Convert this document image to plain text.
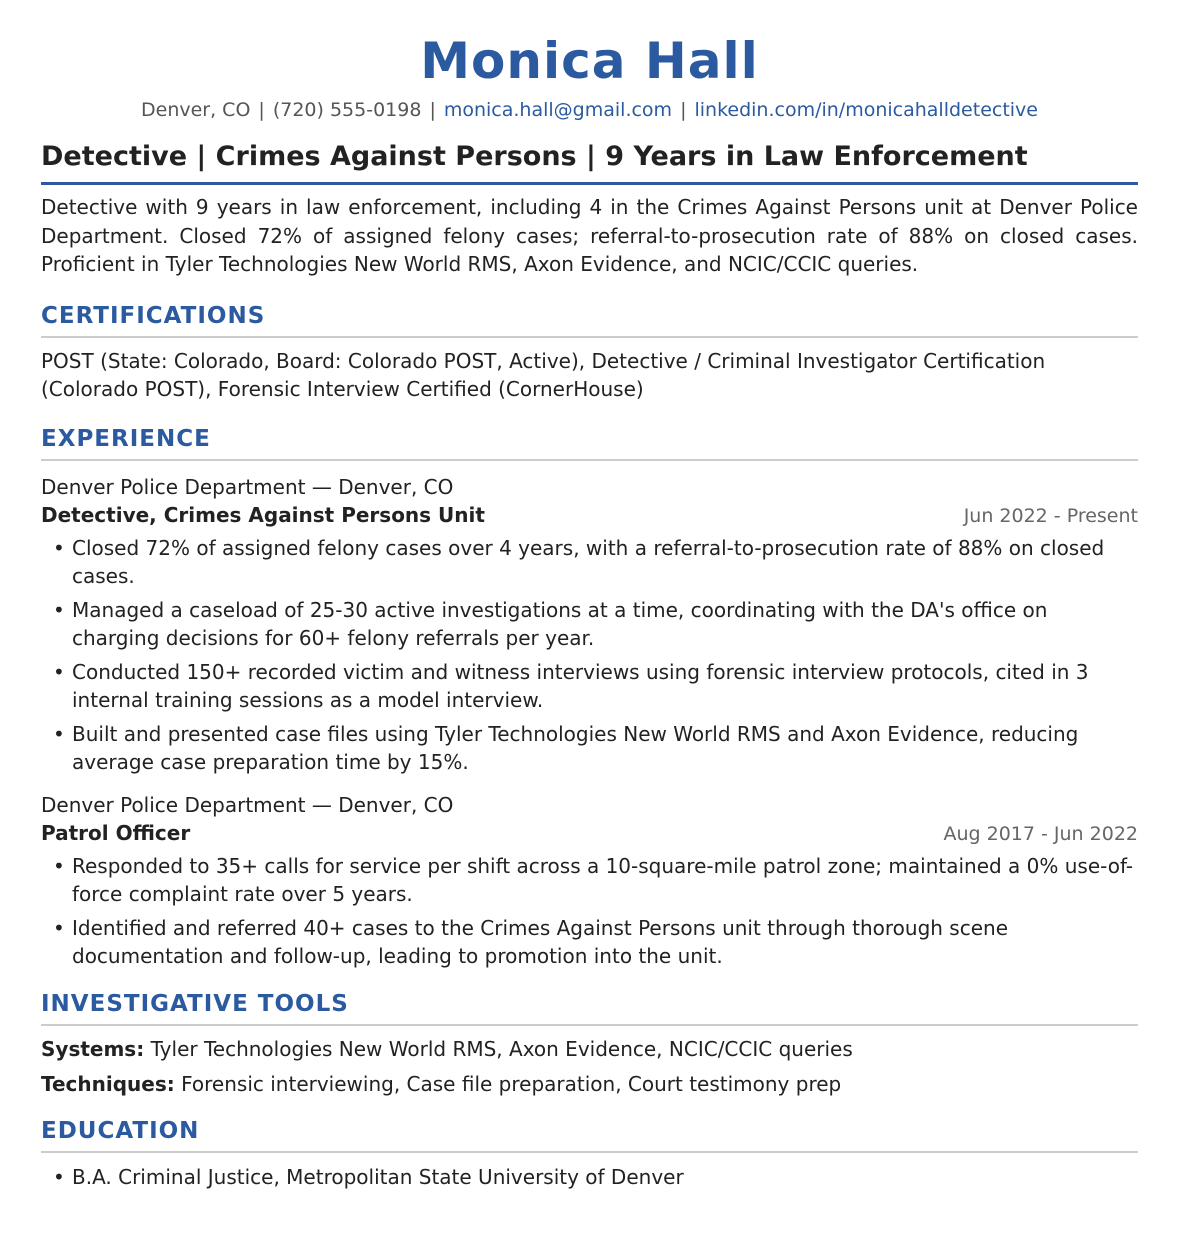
Monica Hall
Denver, CO | (720) 555-0198 | monica.hall@gmail.com | linkedin.com/in/monicahalldetective
Detective | Crimes Against Persons | 9 Years in Law Enforcement
Detective with 9 years in law enforcement, including 4 in the Crimes Against Persons unit at Denver Police Department. Closed 72% of assigned felony cases; referral-to-prosecution rate of 88% on closed cases. Proficient in Tyler Technologies New World RMS, Axon Evidence, and NCIC/CCIC queries.
CERTIFICATIONS
POST (State: Colorado, Board: Colorado POST, Active), Detective / Criminal Investigator Certification (Colorado POST), Forensic Interview Certified (CornerHouse)
EXPERIENCE
Denver Police Department — Denver, CO
Detective, Crimes Against Persons Unit	Jun 2022 - Present
• Closed 72% of assigned felony cases over 4 years, with a referral-to-prosecution rate of 88% on closed cases.
• Managed a caseload of 25-30 active investigations at a time, coordinating with the DA's office on charging decisions for 60+ felony referrals per year.
• Conducted 150+ recorded victim and witness interviews using forensic interview protocols, cited in 3 internal training sessions as a model interview.
• Built and presented case files using Tyler Technologies New World RMS and Axon Evidence, reducing average case preparation time by 15%.
Denver Police Department — Denver, CO
Patrol Officer	Aug 2017 - Jun 2022
• Responded to 35+ calls for service per shift across a 10-square-mile patrol zone; maintained a 0% use-of-force complaint rate over 5 years.
• Identified and referred 40+ cases to the Crimes Against Persons unit through thorough scene documentation and follow-up, leading to promotion into the unit.
INVESTIGATIVE TOOLS
Systems: Tyler Technologies New World RMS, Axon Evidence, NCIC/CCIC queries
Techniques: Forensic interviewing, Case file preparation, Court testimony prep
EDUCATION
• B.A. Criminal Justice, Metropolitan State University of Denver
